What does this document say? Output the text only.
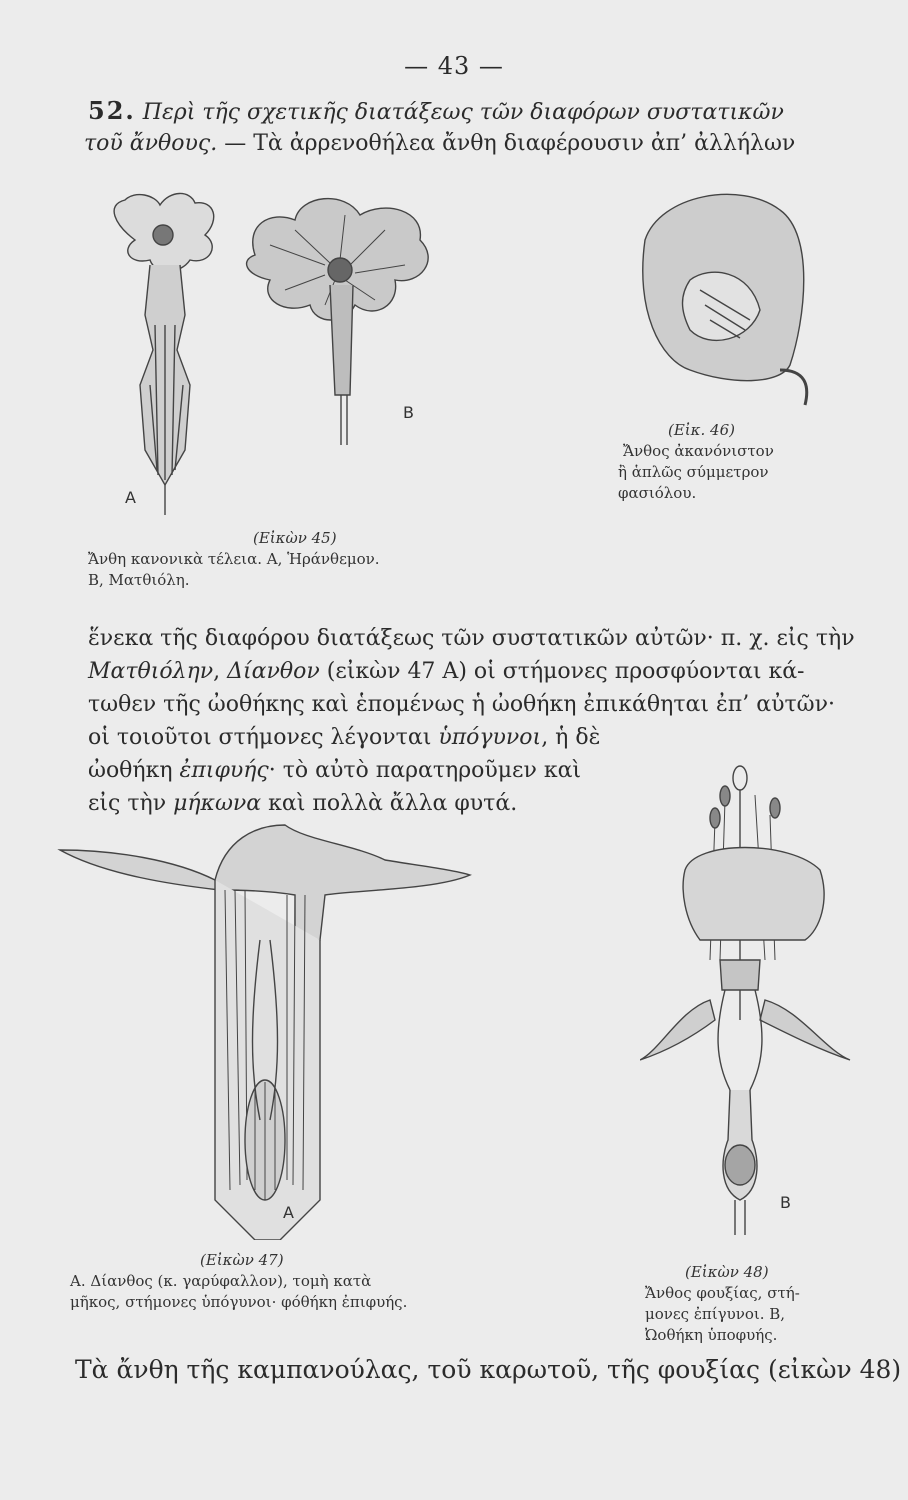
— 43 —
52. Περὶ τῆς σχετικῆς διατάξεως τῶν διαφόρων συστατικῶν
τοῦ ἄνθους. — Τὰ ἀρρενοθήλεα ἄνθη διαφέρουσιν ἀπ’ ἀλλήλων
A
B
(Εἰκ. 46)
Ἄνθος ἀκανόνιστον
ἢ ἁπλῶς σύμμετρον
φασιόλου.
(Εἰκὼν 45)
Ἄνθη κανονικὰ τέλεια. A, Ἡράνθεμον.
B, Ματθιόλη.
ἕνεκα τῆς διαφόρου διατάξεως τῶν συστατικῶν αὐτῶν· π. χ. εἰς τὴν
Ματθιόλην, Δίανθον (εἰκὼν 47 A) οἱ στήμονες προσφύονται κά-
τωθεν τῆς ὠοθήκης καὶ ἑπομένως ἡ ὠοθήκη ἐπικάθηται ἐπ’ αὐτῶν·
οἱ τοιοῦτοι στήμονες λέγονται ὑπόγυνοι, ἡ δὲ
ὠοθήκη ἐπιφυής· τὸ αὐτὸ παρατηροῦμεν καὶ
εἰς τὴν μήκωνα καὶ πολλὰ ἄλλα φυτά.
A
B
(Εἰκὼν 47)
A. Δίανθος (κ. γαρύφαλλον), τομὴ κατὰ
μῆκος, στήμονες ὑπόγυνοι· φόθήκη ἐπιφυής.
(Εἰκὼν 48)
Ἄνθος φουξίας, στή-
μονες ἐπίγυνοι. B,
Ὠοθήκη ὑποφυής.
Τὰ ἄνθη τῆς καμπανούλας, τοῦ καρωτοῦ, τῆς φουξίας (εἰκὼν 48)
